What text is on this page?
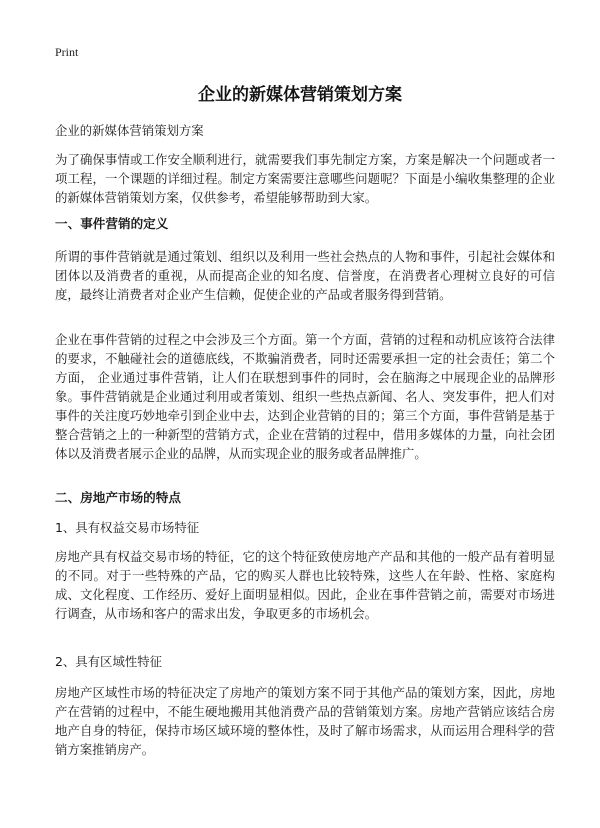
Print
企业的新媒体营销策划方案

企业的新媒体营销策划方案

为了确保事情或工作安全顺利进行，就需要我们事先制定方案，方案是解决一个问题或者一项工程，一个课题的详细过程。制定方案需要注意哪些问题呢？下面是小编收集整理的企业的新媒体营销策划方案，仅供参考，希望能够帮助到大家。

一、事件营销的定义

所谓的事件营销就是通过策划、组织以及利用一些社会热点的人物和事件，引起社会媒体和团体以及消费者的重视，从而提高企业的知名度、信誉度，在消费者心理树立良好的可信度，最终让消费者对企业产生信赖，促使企业的产品或者服务得到营销。

企业在事件营销的过程之中会涉及三个方面。第一个方面，营销的过程和动机应该符合法律的要求，不触碰社会的道德底线，不欺骗消费者，同时还需要承担一定的社会责任；第二个方面， 企业通过事件营销，让人们在联想到事件的同时，会在脑海之中展现企业的品牌形象。事件营销就是企业通过利用或者策划、组织一些热点新闻、名人、突发事件，把人们对事件的关注度巧妙地牵引到企业中去，达到企业营销的目的；第三个方面，事件营销是基于整合营销之上的一种新型的营销方式，企业在营销的过程中，借用多媒体的力量，向社会团体以及消费者展示企业的品牌，从而实现企业的服务或者品牌推广。

二、房地产市场的特点

1、具有权益交易市场特征

房地产具有权益交易市场的特征，它的这个特征致使房地产产品和其他的一般产品有着明显的不同。对于一些特殊的产品，它的购买人群也比较特殊，这些人在年龄、性格、家庭构成、文化程度、工作经历、爱好上面明显相似。因此，企业在事件营销之前，需要对市场进行调查，从市场和客户的需求出发，争取更多的市场机会。

2、具有区域性特征

房地产区域性市场的特征决定了房地产的策划方案不同于其他产品的策划方案，因此，房地产在营销的过程中，不能生硬地搬用其他消费产品的营销策划方案。房地产营销应该结合房地产自身的特征，保持市场区域环境的整体性，及时了解市场需求，从而运用合理科学的营销方案推销房产。
